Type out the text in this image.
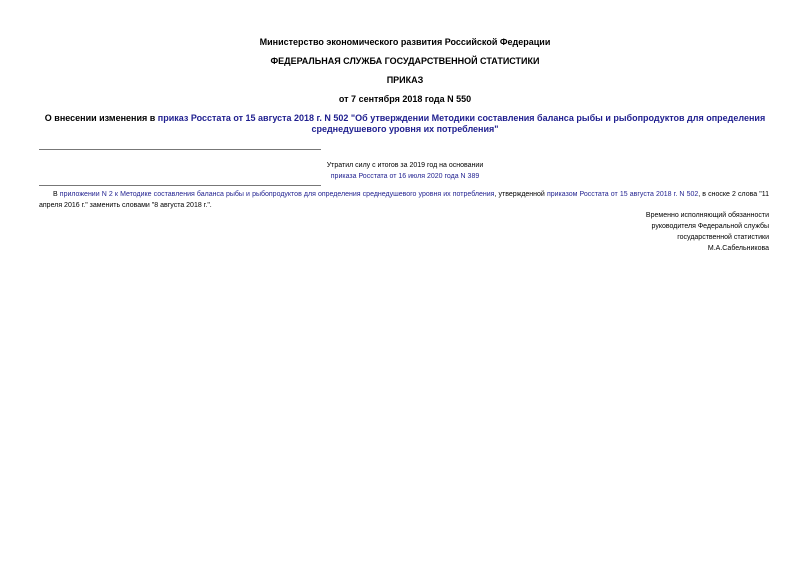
Министерство экономического развития Российской Федерации
ФЕДЕРАЛЬНАЯ СЛУЖБА ГОСУДАРСТВЕННОЙ СТАТИСТИКИ
ПРИКАЗ
от 7 сентября 2018 года N 550
О внесении изменения в приказ Росстата от 15 августа 2018 г. N 502 "Об утверждении Методики составления баланса рыбы и рыбопродуктов для определения
среднедушевого уровня их потребления"
Утратил силу с итогов за 2019 год на основании
приказа Росстата от 16 июля 2020 года N 389
В приложении N 2 к Методике составления баланса рыбы и рыбопродуктов для определения среднедушевого уровня их потребления, утвержденной приказом Росстата от 15 августа 2018 г. N 502, в сноске 2 слова "11 апреля 2016 г." заменить словами "8 августа 2018 г.".
Временно исполняющий обязанности
руководителя Федеральной службы
государственной статистики
М.А.Сабельникова
